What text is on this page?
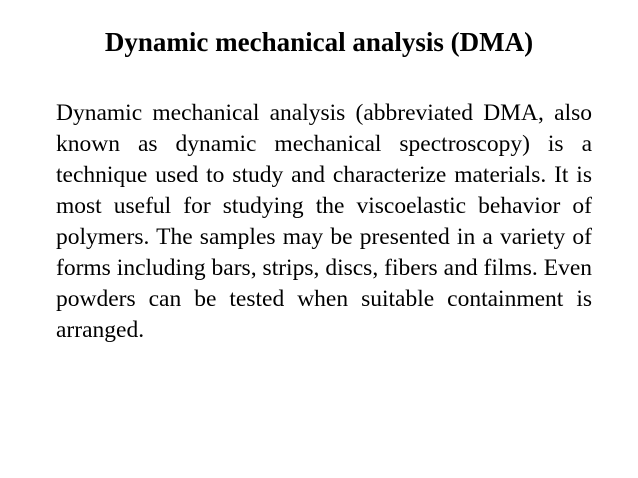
Dynamic mechanical analysis (DMA)

Dynamic mechanical analysis (abbreviated DMA, also known as dynamic mechanical spectroscopy) is a technique used to study and characterize materials. It is most useful for studying the viscoelastic behavior of polymers. The samples may be presented in a variety of forms including bars, strips, discs, fibers and films. Even powders can be tested when suitable containment is arranged.
